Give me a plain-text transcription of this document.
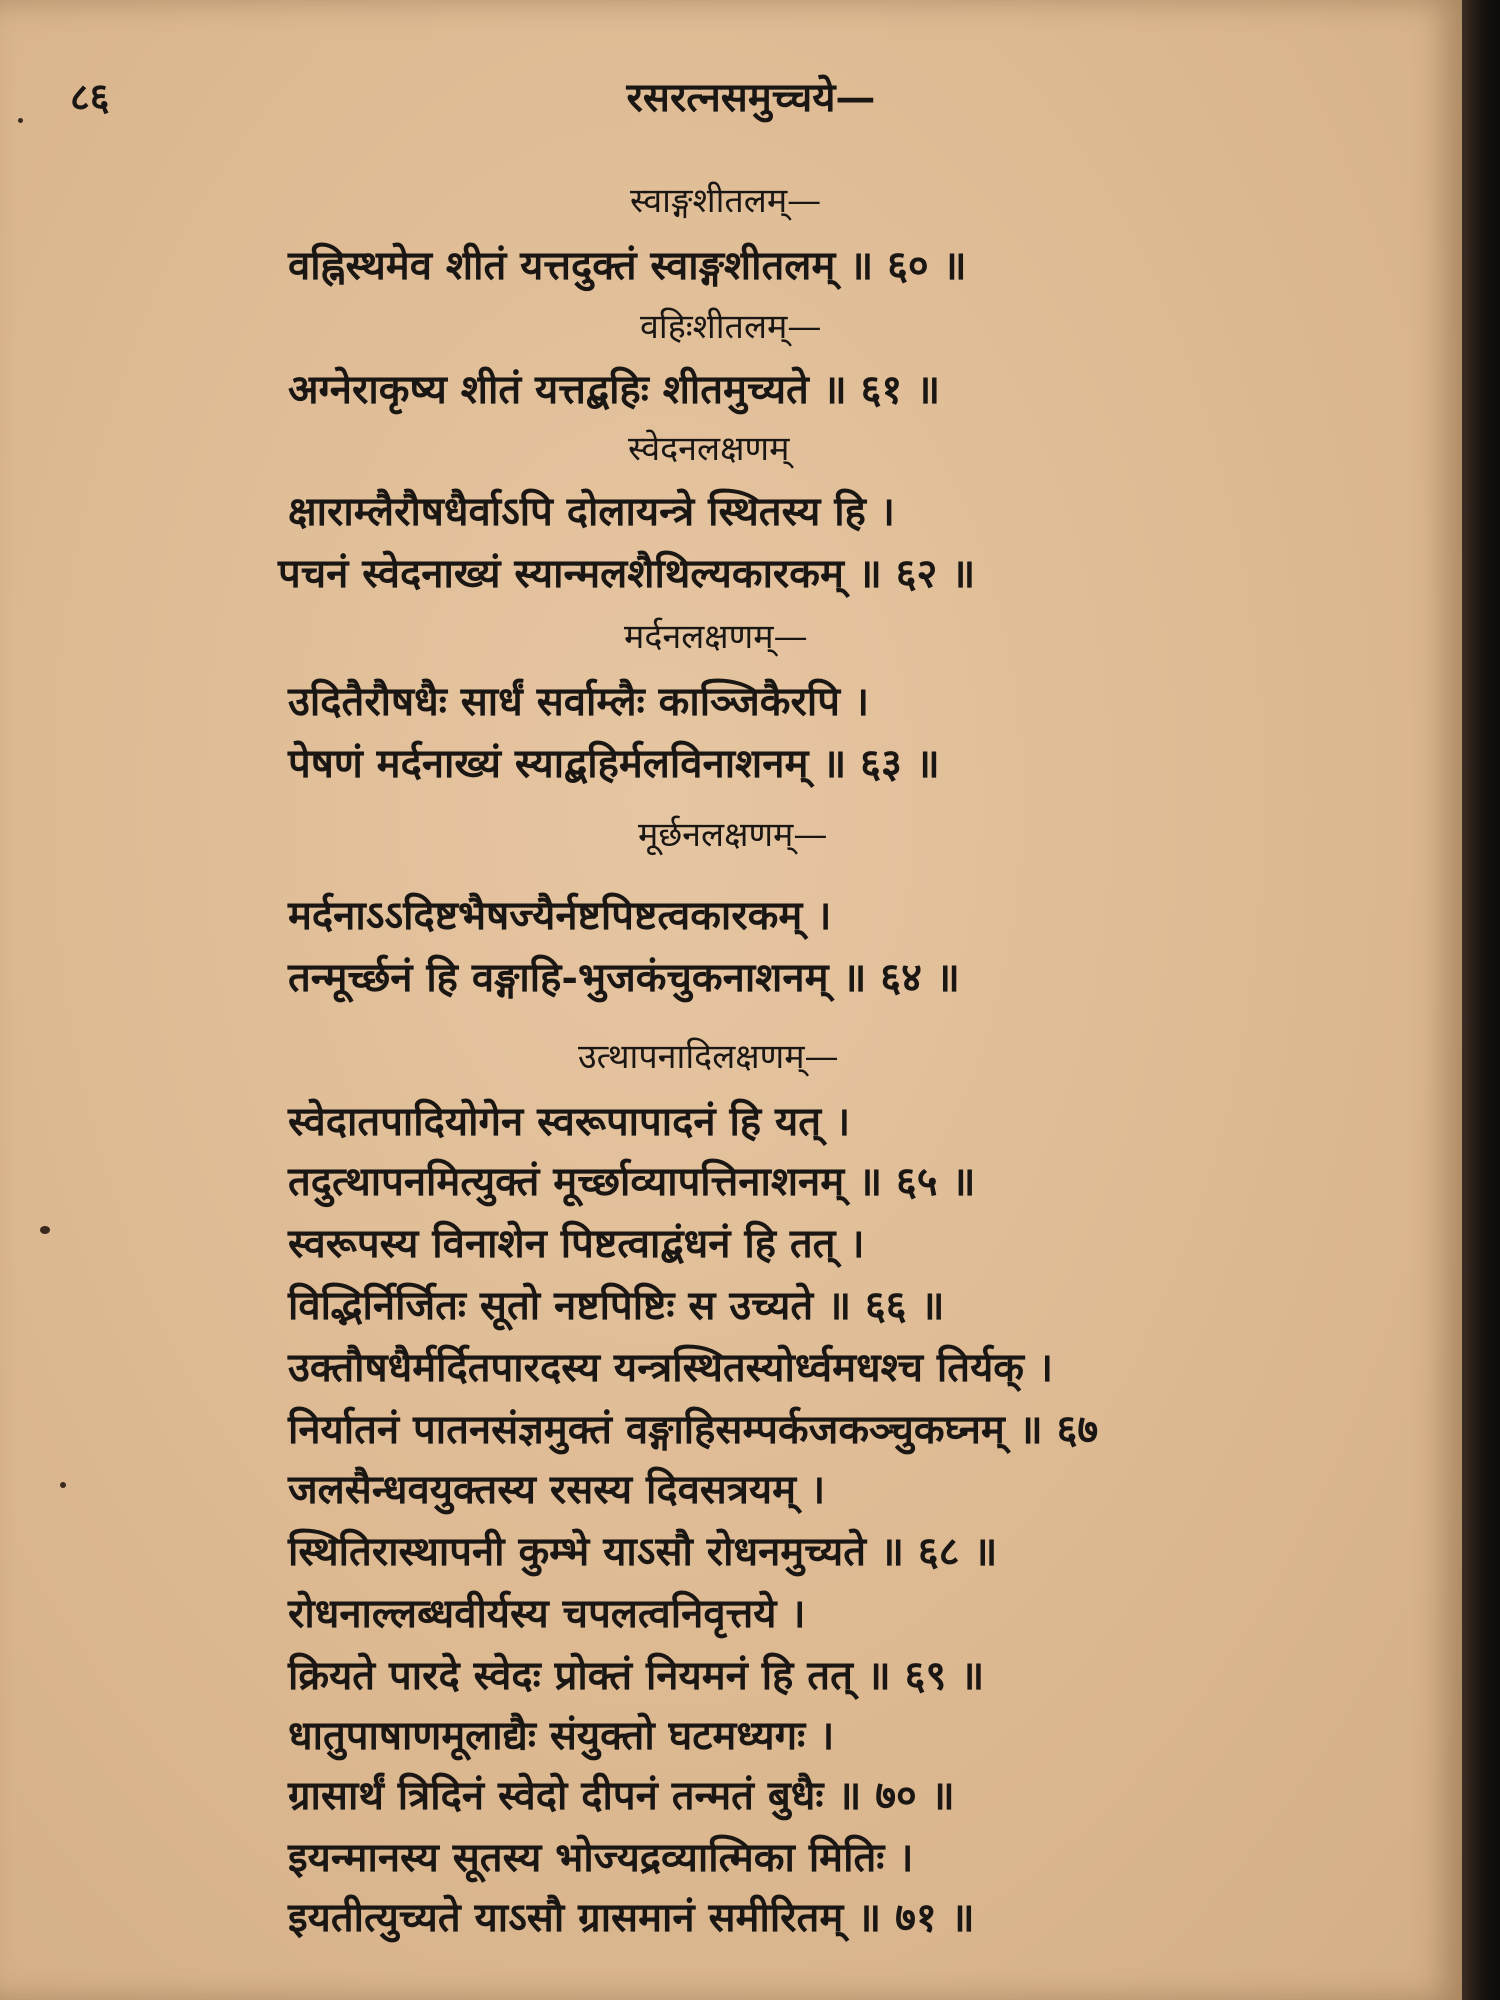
८६	रसरत्नसमुच्चये—
स्वाङ्गशीतलम्—
वह्निस्थमेव शीतं यत्तदुक्तं स्वाङ्गशीतलम् ॥ ६० ॥
वहिःशीतलम्—
अग्नेराकृष्य शीतं यत्तद्बहिः शीतमुच्यते ॥ ६१ ॥
स्वेदनलक्षणम्
क्षाराम्लैरौषधैर्वाऽपि दोलायन्त्रे स्थितस्य हि ।
पचनं स्वेदनाख्यं स्यान्मलशैथिल्यकारकम् ॥ ६२ ॥
मर्दनलक्षणम्—
उदितैरौषधैः सार्धं सर्वाम्लैः काञ्जिकैरपि ।
पेषणं मर्दनाख्यं स्याद्बहिर्मलविनाशनम् ॥ ६३ ॥
मूर्छनलक्षणम्—
मर्दनाऽऽदिष्टभैषज्यैर्नष्टपिष्टत्वकारकम् ।
तन्मूर्च्छनं हि वङ्गाहि-भुजकंचुकनाशनम् ॥ ६४ ॥
उत्थापनादिलक्षणम्—
स्वेदातपादियोगेन स्वरूपापादनं हि यत् ।
तदुत्थापनमित्युक्तं मूर्च्छाव्यापत्तिनाशनम् ॥ ६५ ॥
स्वरूपस्य विनाशेन पिष्टत्वाद्बंधनं हि तत् ।
विद्भिर्निर्जितः सूतो नष्टपिष्टिः स उच्यते ॥ ६६ ॥
उक्तौषधैर्मर्दितपारदस्य यन्त्रस्थितस्योर्ध्वमधश्च तिर्यक् ।
निर्यातनं पातनसंज्ञमुक्तं वङ्गाहिसम्पर्कजकञ्चुकघ्नम् ॥ ६७
जलसैन्धवयुक्तस्य रसस्य दिवसत्रयम् ।
स्थितिरास्थापनी कुम्भे याऽसौ रोधनमुच्यते ॥ ६८ ॥
रोधनाल्लब्धवीर्यस्य चपलत्वनिवृत्तये ।
क्रियते पारदे स्वेदः प्रोक्तं नियमनं हि तत् ॥ ६९ ॥
धातुपाषाणमूलाद्यैः संयुक्तो घटमध्यगः ।
ग्रासार्थं त्रिदिनं स्वेदो दीपनं तन्मतं बुधैः ॥ ७० ॥
इयन्मानस्य सूतस्य भोज्यद्रव्यात्मिका मितिः ।
इयतीत्युच्यते याऽसौ ग्रासमानं समीरितम् ॥ ७१ ॥
